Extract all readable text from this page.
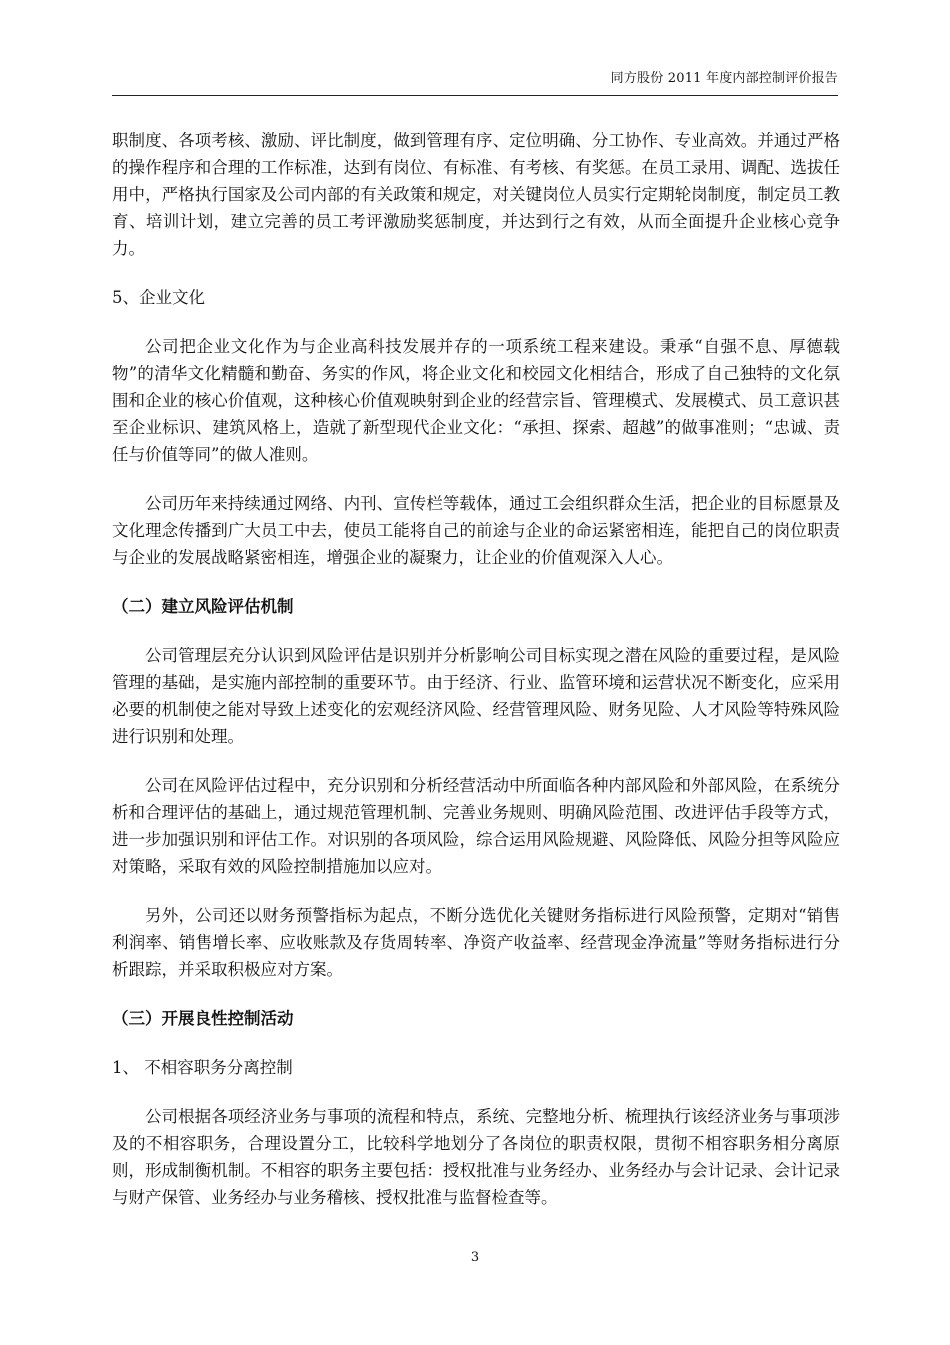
同方股份 2011 年度内部控制评价报告

职制度、各项考核、激励、评比制度，做到管理有序、定位明确、分工协作、专业高效。并通过严格的操作程序和合理的工作标准，达到有岗位、有标准、有考核、有奖惩。在员工录用、调配、选拔任用中，严格执行国家及公司内部的有关政策和规定，对关键岗位人员实行定期轮岗制度，制定员工教育、培训计划，建立完善的员工考评激励奖惩制度，并达到行之有效，从而全面提升企业核心竞争力。

5、企业文化

公司把企业文化作为与企业高科技发展并存的一项系统工程来建设。秉承“自强不息、厚德载物”的清华文化精髓和勤奋、务实的作风，将企业文化和校园文化相结合，形成了自己独特的文化氛围和企业的核心价值观，这种核心价值观映射到企业的经营宗旨、管理模式、发展模式、员工意识甚至企业标识、建筑风格上，造就了新型现代企业文化：“承担、探索、超越”的做事准则；“忠诚、责任与价值等同”的做人准则。

公司历年来持续通过网络、内刊、宣传栏等载体，通过工会组织群众生活，把企业的目标愿景及文化理念传播到广大员工中去，使员工能将自己的前途与企业的命运紧密相连，能把自己的岗位职责与企业的发展战略紧密相连，增强企业的凝聚力，让企业的价值观深入人心。

（二）建立风险评估机制

公司管理层充分认识到风险评估是识别并分析影响公司目标实现之潜在风险的重要过程，是风险管理的基础，是实施内部控制的重要环节。由于经济、行业、监管环境和运营状况不断变化，应采用必要的机制使之能对导致上述变化的宏观经济风险、经营管理风险、财务见险、人才风险等特殊风险进行识别和处理。

公司在风险评估过程中，充分识别和分析经营活动中所面临各种内部风险和外部风险，在系统分析和合理评估的基础上，通过规范管理机制、完善业务规则、明确风险范围、改进评估手段等方式，进一步加强识别和评估工作。对识别的各项风险，综合运用风险规避、风险降低、风险分担等风险应对策略，采取有效的风险控制措施加以应对。

另外，公司还以财务预警指标为起点，不断分选优化关键财务指标进行风险预警，定期对“销售利润率、销售增长率、应收账款及存货周转率、净资产收益率、经营现金净流量”等财务指标进行分析跟踪，并采取积极应对方案。

（三）开展良性控制活动

1、 不相容职务分离控制

公司根据各项经济业务与事项的流程和特点，系统、完整地分析、梳理执行该经济业务与事项涉及的不相容职务，合理设置分工，比较科学地划分了各岗位的职责权限，贯彻不相容职务相分离原则，形成制衡机制。不相容的职务主要包括：授权批准与业务经办、业务经办与会计记录、会计记录与财产保管、业务经办与业务稽核、授权批准与监督检查等。

3
